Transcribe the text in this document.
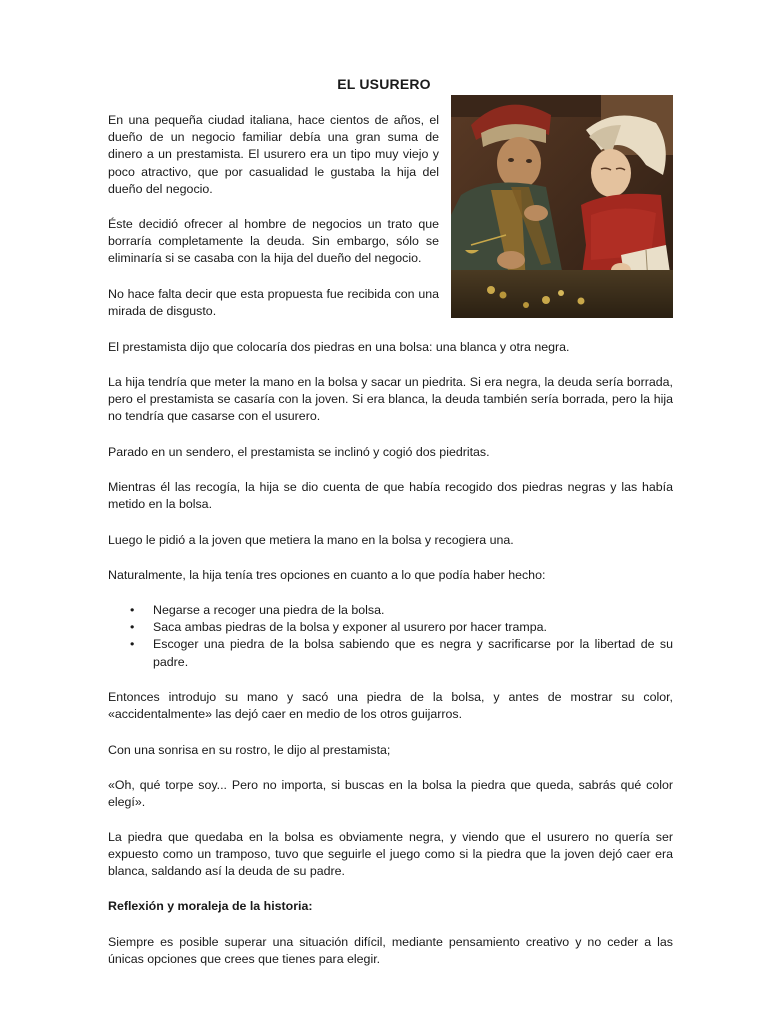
EL USURERO

En una pequeña ciudad italiana, hace cientos de años, el dueño de un negocio familiar debía una gran suma de dinero a un prestamista. El usurero era un tipo muy viejo y poco atractivo, que por casualidad le gustaba la hija del dueño del negocio.

Éste decidió ofrecer al hombre de negocios un trato que borraría completamente la deuda. Sin embargo, sólo se eliminaría si se casaba con la hija del dueño del negocio.

No hace falta decir que esta propuesta fue recibida con una mirada de disgusto.

El prestamista dijo que colocaría dos piedras en una bolsa: una blanca y otra negra.

La hija tendría que meter la mano en la bolsa y sacar un piedrita. Si era negra, la deuda sería borrada, pero el prestamista se casaría con la joven. Si era blanca, la deuda también sería borrada, pero la hija no tendría que casarse con el usurero.

Parado en un sendero, el prestamista se inclinó y cogió dos piedritas.

Mientras él las recogía, la hija se dio cuenta de que había recogido dos piedras negras y las había metido en la bolsa.

Luego le pidió a la joven que metiera la mano en la bolsa y recogiera una.

Naturalmente, la hija tenía tres opciones en cuanto a lo que podía haber hecho:

• Negarse a recoger una piedra de la bolsa.
• Saca ambas piedras de la bolsa y exponer al usurero por hacer trampa.
• Escoger una piedra de la bolsa sabiendo que es negra y sacrificarse por la libertad de su padre.

Entonces introdujo su mano y sacó una piedra de la bolsa, y antes de mostrar su color, «accidentalmente» las dejó caer en medio de los otros guijarros.

Con una sonrisa en su rostro, le dijo al prestamista;

«Oh, qué torpe soy... Pero no importa, si buscas en la bolsa la piedra que queda, sabrás qué color elegí».

La piedra que quedaba en la bolsa es obviamente negra, y viendo que el usurero no quería ser expuesto como un tramposo, tuvo que seguirle el juego como si la piedra que la joven dejó caer era blanca, saldando así la deuda de su padre.

Reflexión y moraleja de la historia:

Siempre es posible superar una situación difícil, mediante pensamiento creativo y no ceder a las únicas opciones que crees que tienes para elegir.
